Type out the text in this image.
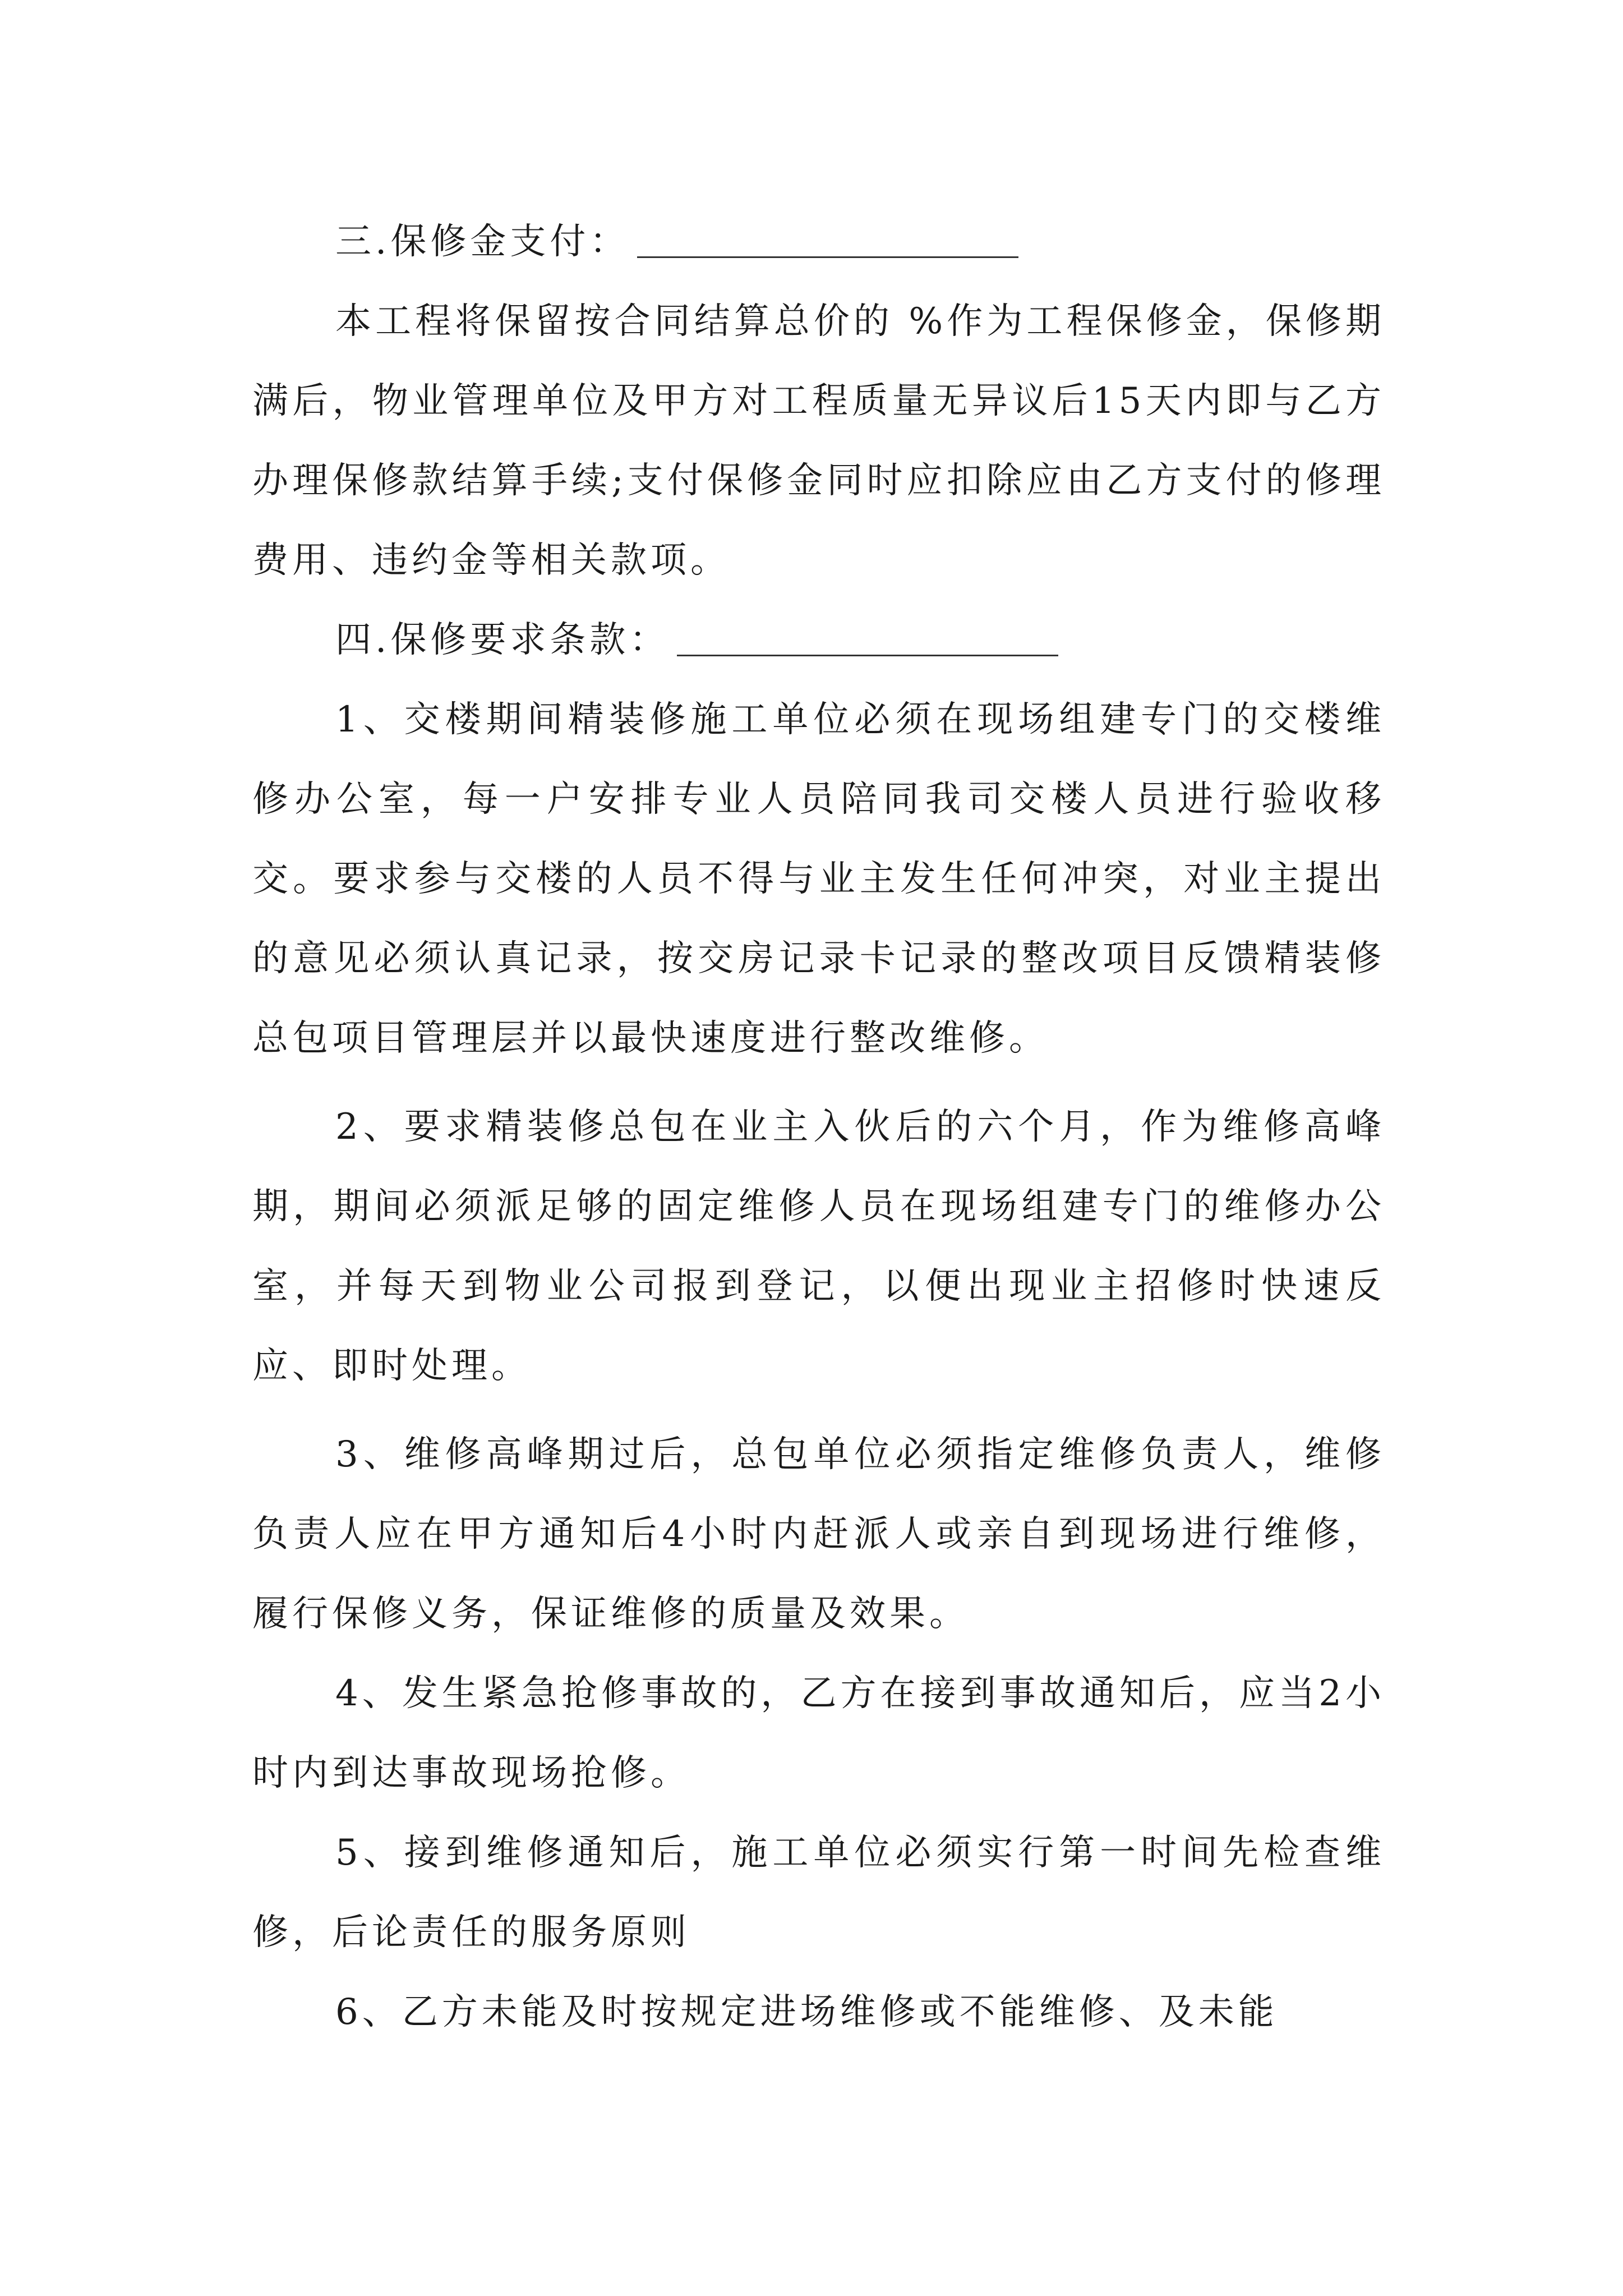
三.保修金支付：

本工程将保留按合同结算总价的 %作为工程保修金，保修期满后，物业管理单位及甲方对工程质量无异议后15天内即与乙方办理保修款结算手续;支付保修金同时应扣除应由乙方支付的修理费用、违约金等相关款项。

四.保修要求条款：

1、交楼期间精装修施工单位必须在现场组建专门的交楼维修办公室，每一户安排专业人员陪同我司交楼人员进行验收移交。要求参与交楼的人员不得与业主发生任何冲突，对业主提出的意见必须认真记录，按交房记录卡记录的整改项目反馈精装修总包项目管理层并以最快速度进行整改维修。

2、要求精装修总包在业主入伙后的六个月，作为维修高峰期，期间必须派足够的固定维修人员在现场组建专门的维修办公室，并每天到物业公司报到登记，以便出现业主招修时快速反应、即时处理。

3、维修高峰期过后，总包单位必须指定维修负责人，维修负责人应在甲方通知后4小时内赶派人或亲自到现场进行维修，履行保修义务，保证维修的质量及效果。

4、发生紧急抢修事故的，乙方在接到事故通知后，应当2小时内到达事故现场抢修。

5、接到维修通知后，施工单位必须实行第一时间先检查维修，后论责任的服务原则

6、乙方未能及时按规定进场维修或不能维修、及未能
